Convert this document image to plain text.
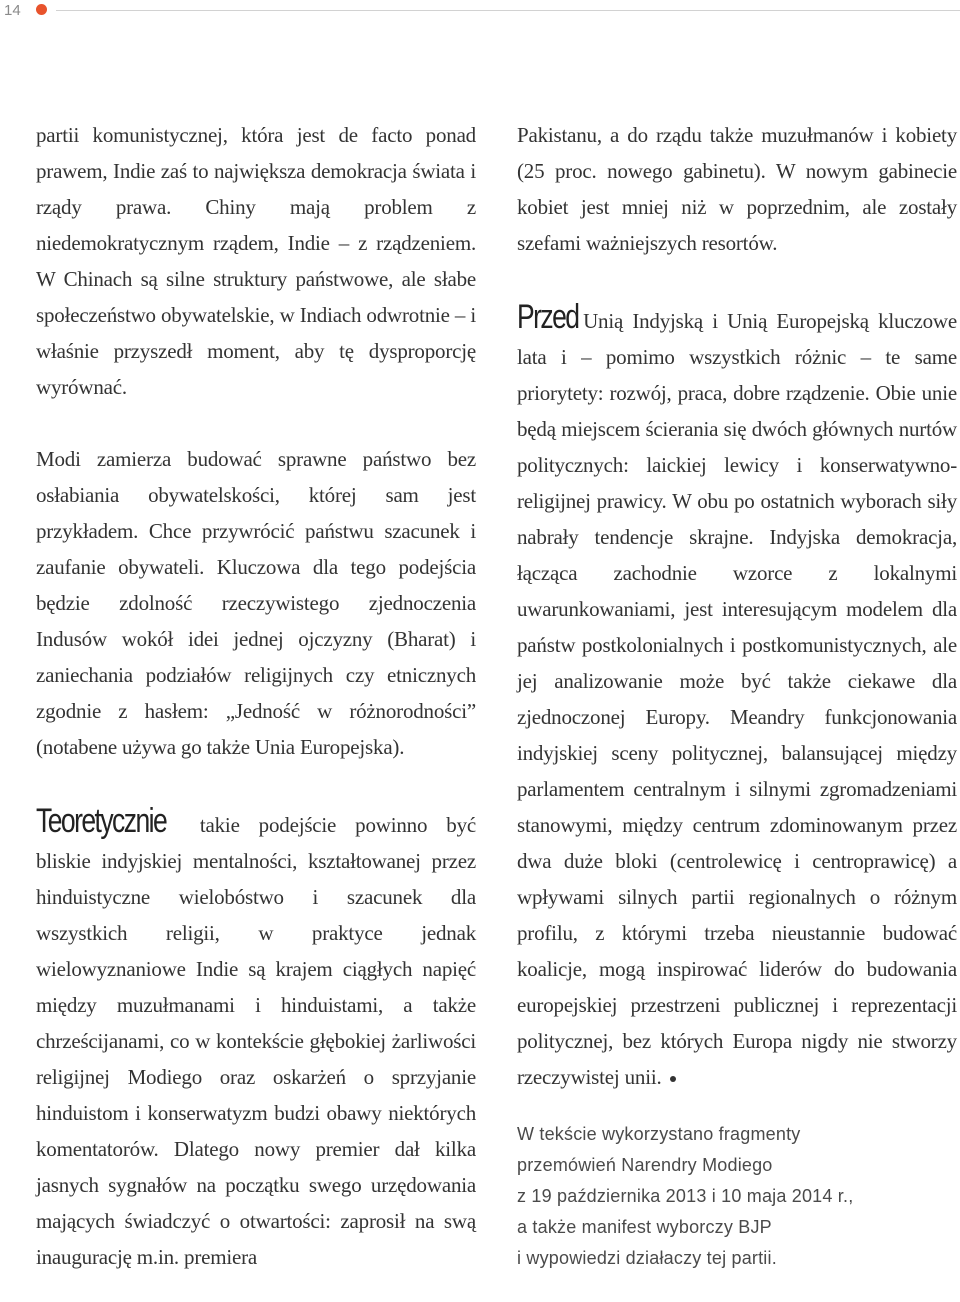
14

partii komunistycznej, która jest de facto ponad prawem, Indie zaś to największa demokracja świata i rządy prawa. Chiny mają problem z niedemokratycznym rządem, Indie – z rządzeniem. W Chinach są silne struktury państwowe, ale słabe społeczeństwo obywatelskie, w Indiach odwrotnie – i właśnie przyszedł moment, aby tę dysproporcję wyrównać.

Modi zamierza budować sprawne państwo bez osłabiania obywatelskości, której sam jest przykładem. Chce przywrócić państwu szacunek i zaufanie obywateli. Kluczowa dla tego podejścia będzie zdolność rzeczywistego zjednoczenia Indusów wokół idei jednej ojczyzny (Bharat) i zaniechania podziałów religijnych czy etnicznych zgodnie z hasłem: „Jedność w różnorodności” (notabene używa go także Unia Europejska).

Teoretycznie takie podejście powinno być bliskie indyjskiej mentalności, kształtowanej przez hinduistyczne wielobóstwo i szacunek dla wszystkich religii, w praktyce jednak wielowyznaniowe Indie są krajem ciągłych napięć między muzułmanami i hinduistami, a także chrześcijanami, co w kontekście głębokiej żarliwości religijnej Modiego oraz oskarżeń o sprzyjanie hinduistom i konserwatyzm budzi obawy niektórych komentatorów. Dlatego nowy premier dał kilka jasnych sygnałów na początku swego urzędowania mających świadczyć o otwartości: zaprosił na swą inaugurację m.in. premiera

Pakistanu, a do rządu także muzułmanów i kobiety (25 proc. nowego gabinetu). W nowym gabinecie kobiet jest mniej niż w poprzednim, ale zostały szefami ważniejszych resortów.

Przed Unią Indyjską i Unią Europejską kluczowe lata i – pomimo wszystkich różnic – te same priorytety: rozwój, praca, dobre rządzenie. Obie unie będą miejscem ścierania się dwóch głównych nurtów politycznych: laickiej lewicy i konserwatywno-religijnej prawicy. W obu po ostatnich wyborach siły nabrały tendencje skrajne. Indyjska demokracja, łącząca zachodnie wzorce z lokalnymi uwarunkowaniami, jest interesującym modelem dla państw postkolonialnych i postkomunistycznych, ale jej analizowanie może być także ciekawe dla zjednoczonej Europy. Meandry funkcjonowania indyjskiej sceny politycznej, balansującej między parlamentem centralnym i silnymi zgromadzeniami stanowymi, między centrum zdominowanym przez dwa duże bloki (centrolewicę i centroprawicę) a wpływami silnych partii regionalnych o różnym profilu, z którymi trzeba nieustannie budować koalicje, mogą inspirować liderów do budowania europejskiej przestrzeni publicznej i reprezentacji politycznej, bez których Europa nigdy nie stworzy rzeczywistej unii.

W tekście wykorzystano fragmenty
przemówień Narendry Modiego
z 19 października 2013 i 10 maja 2014 r.,
a także manifest wyborczy BJP
i wypowiedzi działaczy tej partii.
